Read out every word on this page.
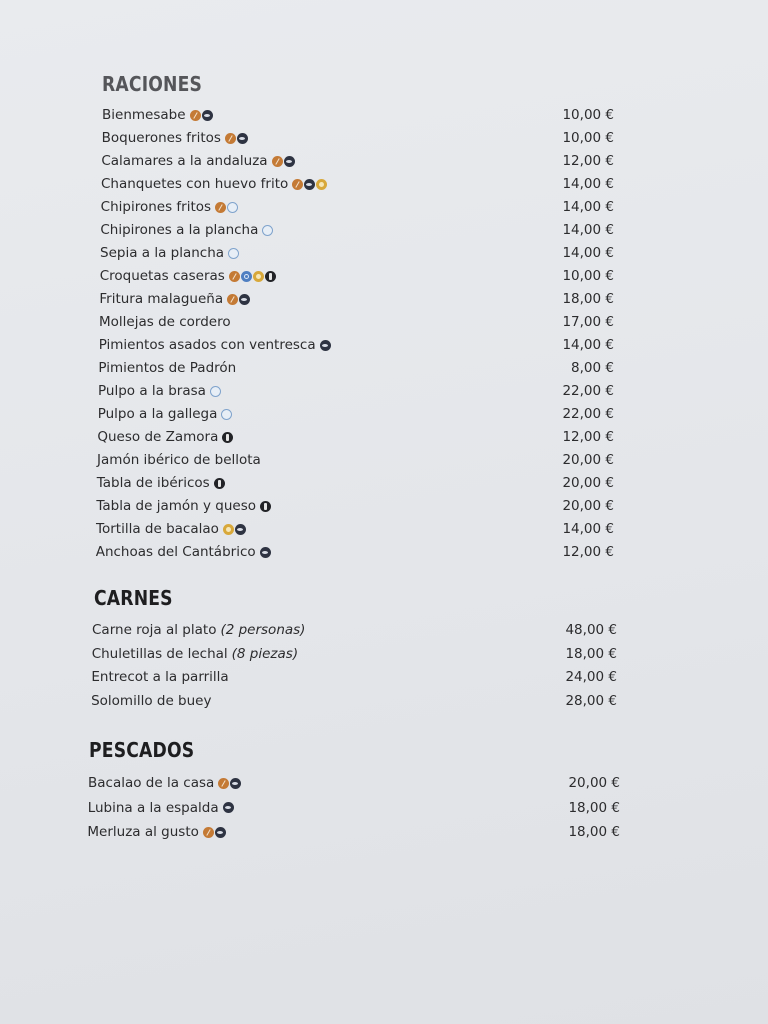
RACIONES
Bienmesabe	10,00 €
Boquerones fritos	10,00 €
Calamares a la andaluza	12,00 €
Chanquetes con huevo frito	14,00 €
Chipirones fritos	14,00 €
Chipirones a la plancha	14,00 €
Sepia a la plancha	14,00 €
Croquetas caseras	10,00 €
Fritura malagueña	18,00 €
Mollejas de cordero	17,00 €
Pimientos asados con ventresca	14,00 €
Pimientos de Padrón	8,00 €
Pulpo a la brasa	22,00 €
Pulpo a la gallega	22,00 €
Queso de Zamora	12,00 €
Jamón ibérico de bellota	20,00 €
Tabla de ibéricos	20,00 €
Tabla de jamón y queso	20,00 €
Tortilla de bacalao	14,00 €
Anchoas del Cantábrico	12,00 €
CARNES
Carne roja al plato (2 personas)	48,00 €
Chuletillas de lechal (8 piezas)	18,00 €
Entrecot a la parrilla	24,00 €
Solomillo de buey	28,00 €
PESCADOS
Bacalao de la casa	20,00 €
Lubina a la espalda	18,00 €
Merluza al gusto	18,00 €
